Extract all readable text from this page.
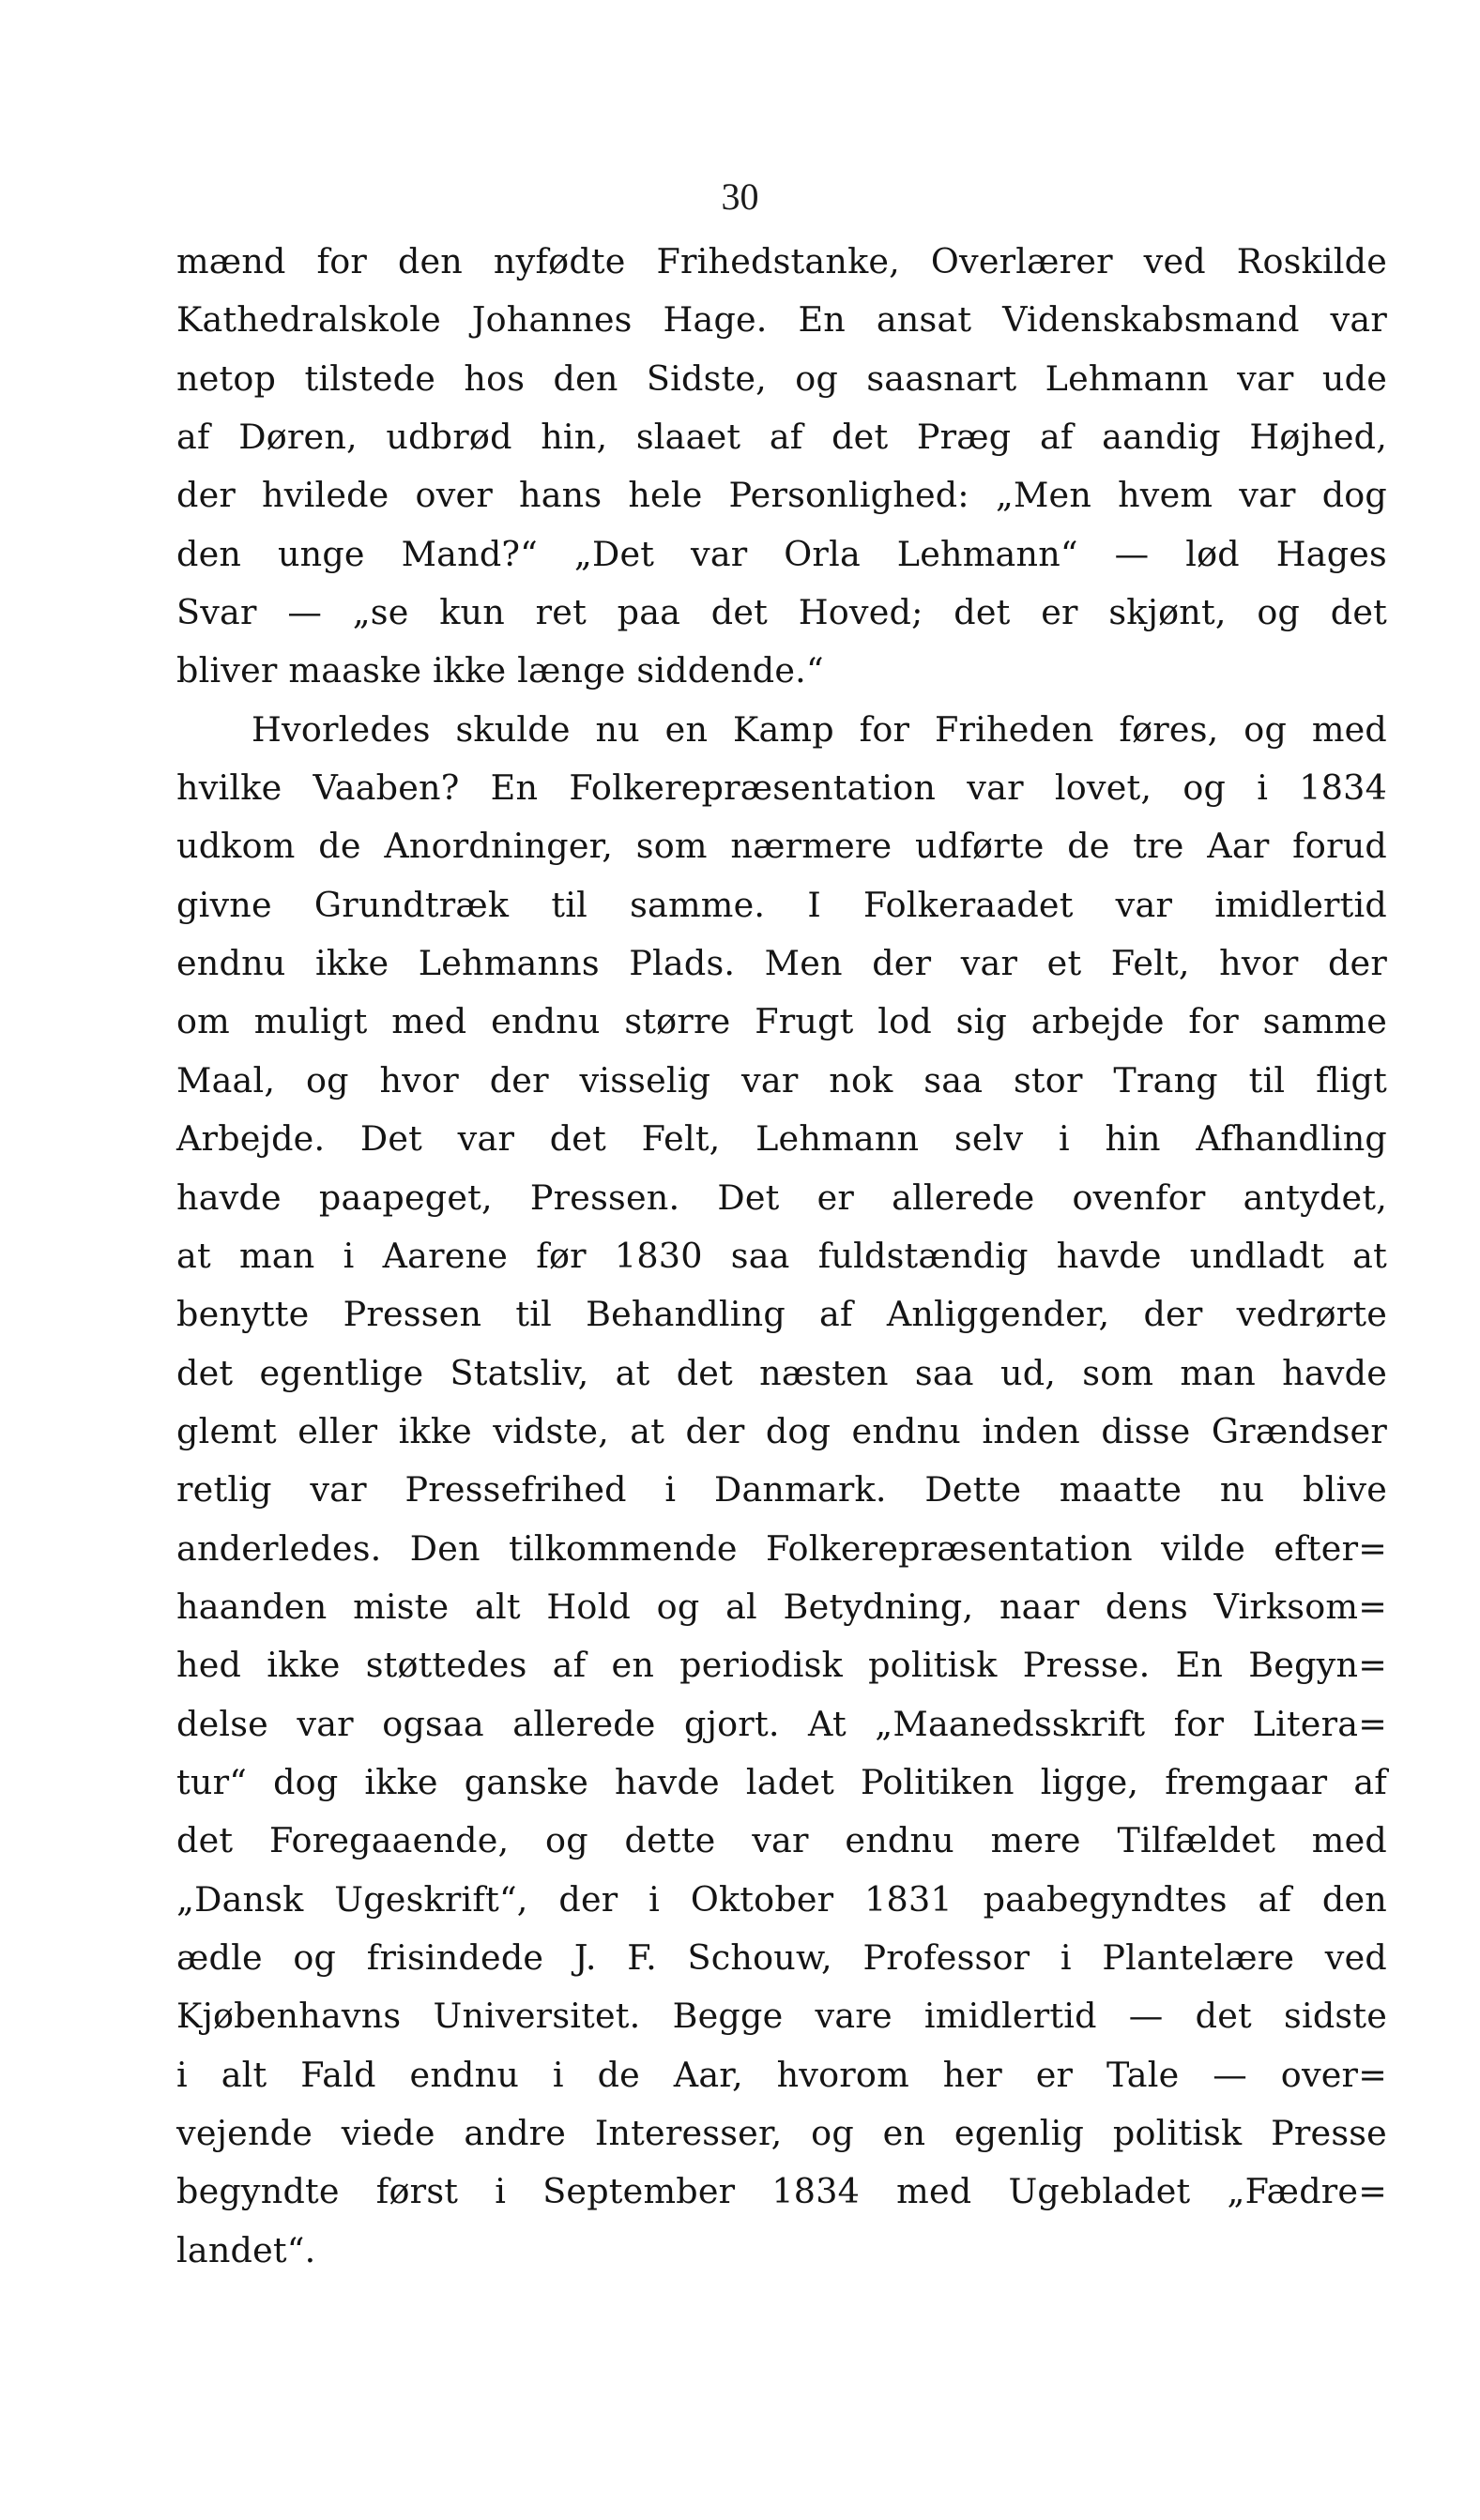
30
mænd for den nyfødte Frihedstanke, Overlærer ved Roskilde
Kathedralskole Johannes Hage. En ansat Videnskabsmand var
netop tilstede hos den Sidste, og saasnart Lehmann var ude
af Døren, udbrød hin, slaaet af det Præg af aandig Højhed,
der hvilede over hans hele Personlighed: „Men hvem var dog
den unge Mand?“ „Det var Orla Lehmann“ — lød Hages
Svar — „se kun ret paa det Hoved; det er skjønt, og det
bliver maaske ikke længe siddende.“
Hvorledes skulde nu en Kamp for Friheden føres, og med
hvilke Vaaben? En Folkerepræsentation var lovet, og i 1834
udkom de Anordninger, som nærmere udførte de tre Aar forud
givne Grundtræk til samme. I Folkeraadet var imidlertid
endnu ikke Lehmanns Plads. Men der var et Felt, hvor der
om muligt med endnu større Frugt lod sig arbejde for samme
Maal, og hvor der visselig var nok saa stor Trang til fligt
Arbejde. Det var det Felt, Lehmann selv i hin Afhandling
havde paapeget, Pressen. Det er allerede ovenfor antydet,
at man i Aarene før 1830 saa fuldstændig havde undladt at
benytte Pressen til Behandling af Anliggender, der vedrørte
det egentlige Statsliv, at det næsten saa ud, som man havde
glemt eller ikke vidste, at der dog endnu inden disse Grændser
retlig var Pressefrihed i Danmark. Dette maatte nu blive
anderledes. Den tilkommende Folkerepræsentation vilde efter=
haanden miste alt Hold og al Betydning, naar dens Virksom=
hed ikke støttedes af en periodisk politisk Presse. En Begyn=
delse var ogsaa allerede gjort. At „Maanedsskrift for Litera=
tur“ dog ikke ganske havde ladet Politiken ligge, fremgaar af
det Foregaaende, og dette var endnu mere Tilfældet med
„Dansk Ugeskrift“, der i Oktober 1831 paabegyndtes af den
ædle og frisindede J. F. Schouw, Professor i Plantelære ved
Kjøbenhavns Universitet. Begge vare imidlertid — det sidste
i alt Fald endnu i de Aar, hvorom her er Tale — over=
vejende viede andre Interesser, og en egenlig politisk Presse
begyndte først i September 1834 med Ugebladet „Fædre=
landet“.
